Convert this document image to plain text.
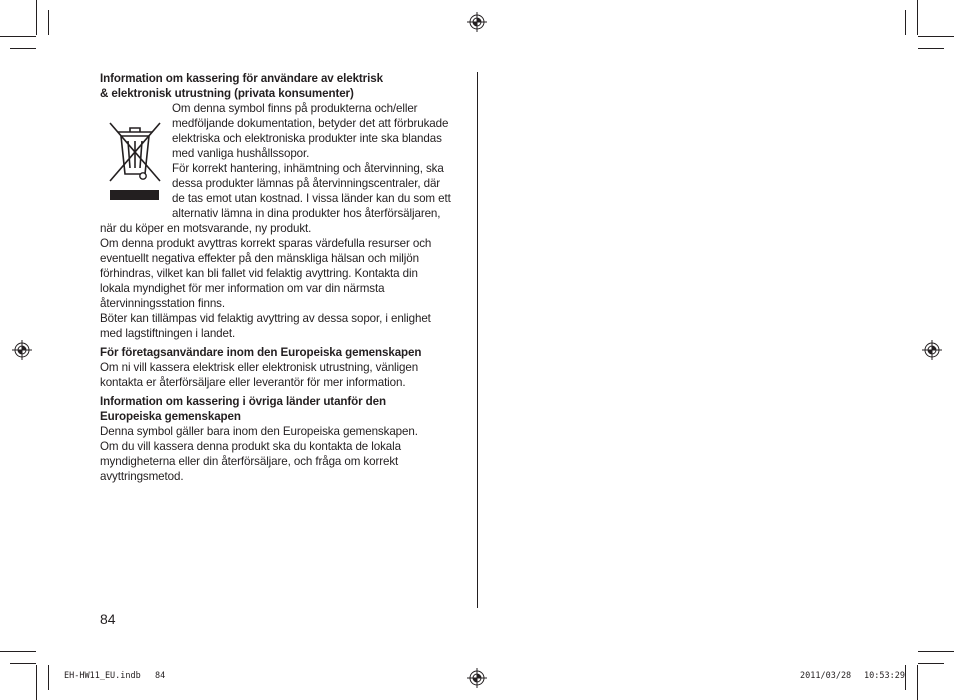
Information om kassering för användare av elektrisk
& elektronisk utrustning (privata konsumenter)
Om denna symbol finns på produkterna och/eller
medföljande dokumentation, betyder det att förbrukade
elektriska och elektroniska produkter inte ska blandas
med vanliga hushållssopor.
För korrekt hantering, inhämtning och återvinning, ska
dessa produkter lämnas på återvinningscentraler, där
de tas emot utan kostnad. I vissa länder kan du som ett
alternativ lämna in dina produkter hos återförsäljaren,
när du köper en motsvarande, ny produkt.
Om denna produkt avyttras korrekt sparas värdefulla resurser och
eventuellt negativa effekter på den mänskliga hälsan och miljön
förhindras, vilket kan bli fallet vid felaktig avyttring. Kontakta din
lokala myndighet för mer information om var din närmsta
återvinningsstation finns.
Böter kan tillämpas vid felaktig avyttring av dessa sopor, i enlighet
med lagstiftningen i landet.
För företagsanvändare inom den Europeiska gemenskapen
Om ni vill kassera elektrisk eller elektronisk utrustning, vänligen
kontakta er återförsäljare eller leverantör för mer information.
Information om kassering i övriga länder utanför den
Europeiska gemenskapen
Denna symbol gäller bara inom den Europeiska gemenskapen.
Om du vill kassera denna produkt ska du kontakta de lokala
myndigheterna eller din återförsäljare, och fråga om korrekt
avyttringsmetod.
84
EH-HW11_EU.indb 84	2011/03/28 10:53:29
